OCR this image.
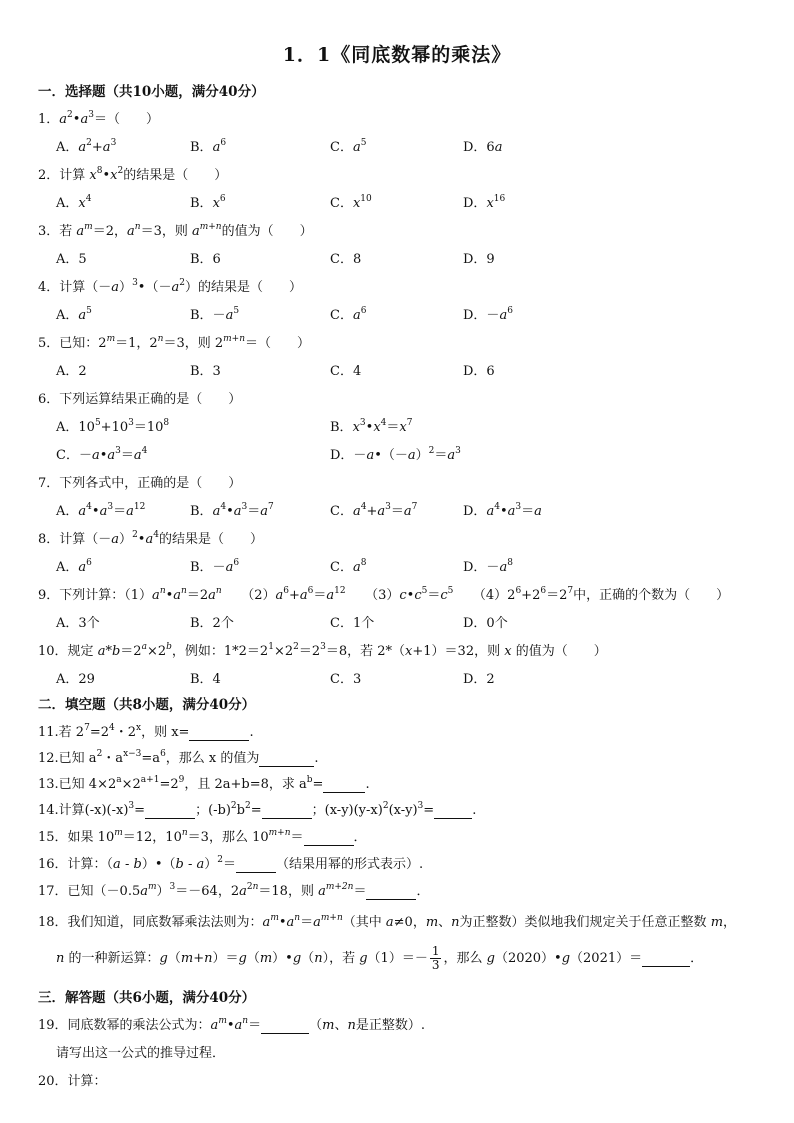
1．1《同底数幂的乘法》
一．选择题（共10小题，满分40分）
1．$a^2•a^3=$（　　）
A．$a^2+a^3$	B．$a^6$	C．$a^5$	D．6a
2．计算 $x^8•x^2$的结果是（　　）
A．$x^4$	B．$x^6$	C．$x^{10}$	D．$x^{16}$
3．若 $a^m=2$，$a^n=3$，则 $a^{m+n}$的值为（　　）
A．5	B．6	C．8	D．9
4．计算$(-a)^3•(-a^2)$的结果是（　　）
A．$a^5$	B．$-a^5$	C．$a^6$	D．$-a^6$
5．已知：$2^m=1$，$2^n=3$，则 $2^{m+n}=$（　　）
A．2	B．3	C．4	D．6
6．下列运算结果正确的是（　　）
A．$10^5+10^3=10^8$	B．$x^3•x^4=x^7$
C．$-a•a^3=a^4$	D．$-a•(-a)^2=a^3$
7．下列各式中，正确的是（　　）
A．$a^4•a^3=a^{12}$	B．$a^4•a^3=a^7$	C．$a^4+a^3=a^7$	D．$a^4•a^3=a$
8．计算$(-a)^2•a^4$的结果是（　　）
A．$a^6$	B．$-a^6$	C．$a^8$	D．$-a^8$
9．下列计算：$(1)a^n•a^n=2a^n$　　$(2)a^6+a^6=a^{12}$　　$(3)c•c^5=c^5$　　$(4)2^6+2^6=2^7$中，正确的个数为（　　）
A．3个	B．2个	C．1个	D．0个
10．规定 $a*b=2^a\times 2^b$，例如：$1*2=2^1\times 2^2=2^3=8$，若 2*（x+1）＝32，则 x 的值为（　　）
A．29	B．4	C．3	D．2
二．填空题（共8小题，满分40分）
11.若 $2^7=2^4$・2$^x$，则 x=	.
12.已知 $a^2$・$a^{x-3}=a^6$，那么 x 的值为	.
13.已知 $4\times 2^a\times 2^{a+1}=2^9$，且 2a+b=8，求 $a^b=$	.
14.计算$(-x)(-x)^3=$	；$(-b)^2b^2=$	；$(x-y)(y-x)^2(x-y)^3=$	.
15．如果 $10^m=12$，$10^n=3$，那么 $10^{m+n}=$	．
16．计算：（a - b）•（b - a）$^2$＝	（结果用幂的形式表示）.
17．已知$(-0.5a^m)^3=-64$，$2a^{2n}=18$，则 $a^{m+2n}=$	．
18．我们知道，同底数幂乘法法则为：$a^m•a^n=a^{m+n}$（其中 a≠0，m、n为正整数）类似地我们规定关于任意正整数 m，
n 的一种新运算：g（m+n）＝g（m）•g（n），若 $g(1)=- \frac{1}{3}$ ，那么 g（2020）•g（2021）＝	．
三．解答题（共6小题，满分40分）
19．同底数幂的乘法公式为：$a^m•a^n=$	（m、n是正整数）.
请写出这一公式的推导过程．
20．计算：
